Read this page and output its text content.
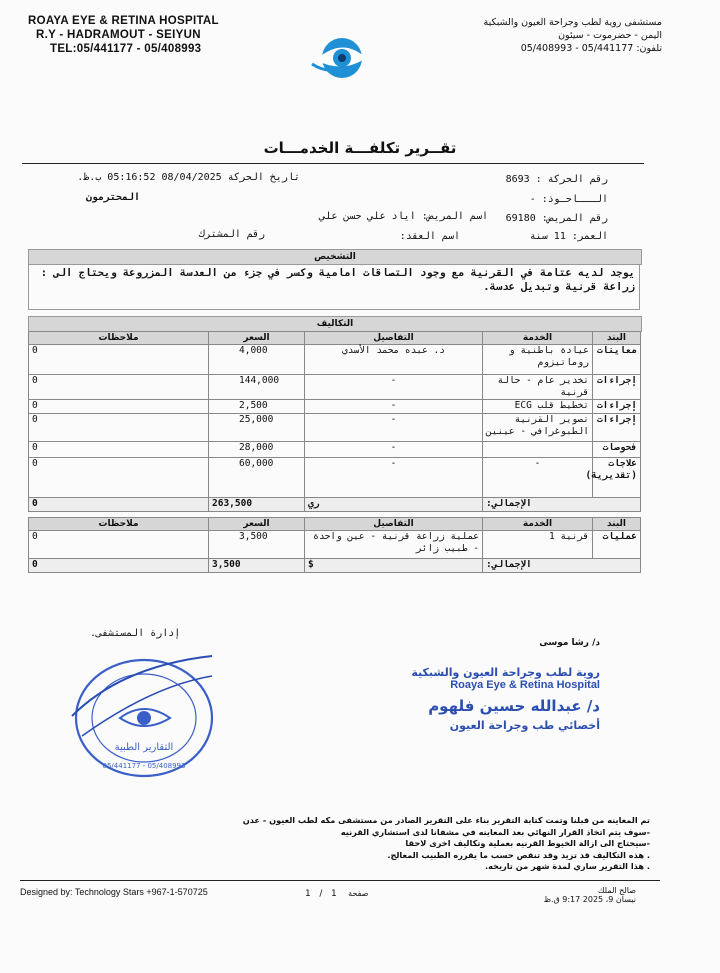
ROAYA EYE & RETINA HOSPITAL
R.Y - HADRAMOUT - SEIYUN
TEL:05/441177 - 05/408993
مستشفى روية لطب وجراحة العيون والشبكية
اليمن - حضرموت - سيئون
تلفون: 05/441177 - 05/408993
تقــرير تكلفـــة الخدمـــات
رقم الحركة : 8693
تاريخ الحركة 08/04/2025 05:16:52 ب.ظ.
الـــاحـوذ: -
المحترمون
رقم المريض: 69180
اسم المريض: اياد علي حسن علي
العمر: 11 سنة
اسم العقد:
رقم المشترك
التشخيص
يوجد لديه عتامة في القرنية مع وجود التصاقات امامية وكسر في جزء من العدسة المزروعة ويحتاج الى : زراعة قرنية وتبديل عدسة.
التكاليف
البند	الخدمة	التفاصيل	السعر	ملاحظات
معاينات	عيادة باطنية و روماتيزوم	د. عبده محمد الأسدي	4,000	0
إجراءات	تخدير عام - حالة قرنية	-	144,000	0
إجراءات	تخطيط قلب ECG	-	2,500	0
إجراءات	تصوير القرنية الطبوغرافي - عينين	-	25,000	0
فحوصات		-	28,000	0
علاجات (تقديرية)	-	-	60,000	0
الإجمالي:		ري	263,500	0
البند	الخدمة	التفاصيل	السعر	ملاحظات
عمليات	قرنية 1	عملية زراعة قرنية - عين واحدة - طبيب زائر	3,500	0
الإجمالي:		$	3,500	0
إدارة المستشفى.
التقارير الطبية
05/441177 - 05/408993
د/ رشا موسى
روية لطب وجراحة العيون والشبكية
Roaya Eye & Retina Hospital
د/ عبدالله حسين فلهوم
أخصائي طب وجراحة العيون
تم المعاينه من قبلنا وتمت كتابة التقرير بناء على التقرير الصادر من مستشفى مكه لطب العيون - عدن
-سوف يتم اتخاذ القرار النهائي بعد المعاينه في مشفانا لدى استشاري القرنيه
-سيحتاج الى ازالة الخيوط القرنيه بعملية وتكاليف اخرى لاحقا
. هذه التكاليف قد تزيد وقد تنقص حسب ما يقرره الطبيب المعالج.
. هذا التقرير ساري لمدة شهر من تاريخه.
Designed by: Technology Stars +967-1-570725	1 / 1 صفحة	صالح الملك
نيسان 9، 2025 9:17 ق.ظ
